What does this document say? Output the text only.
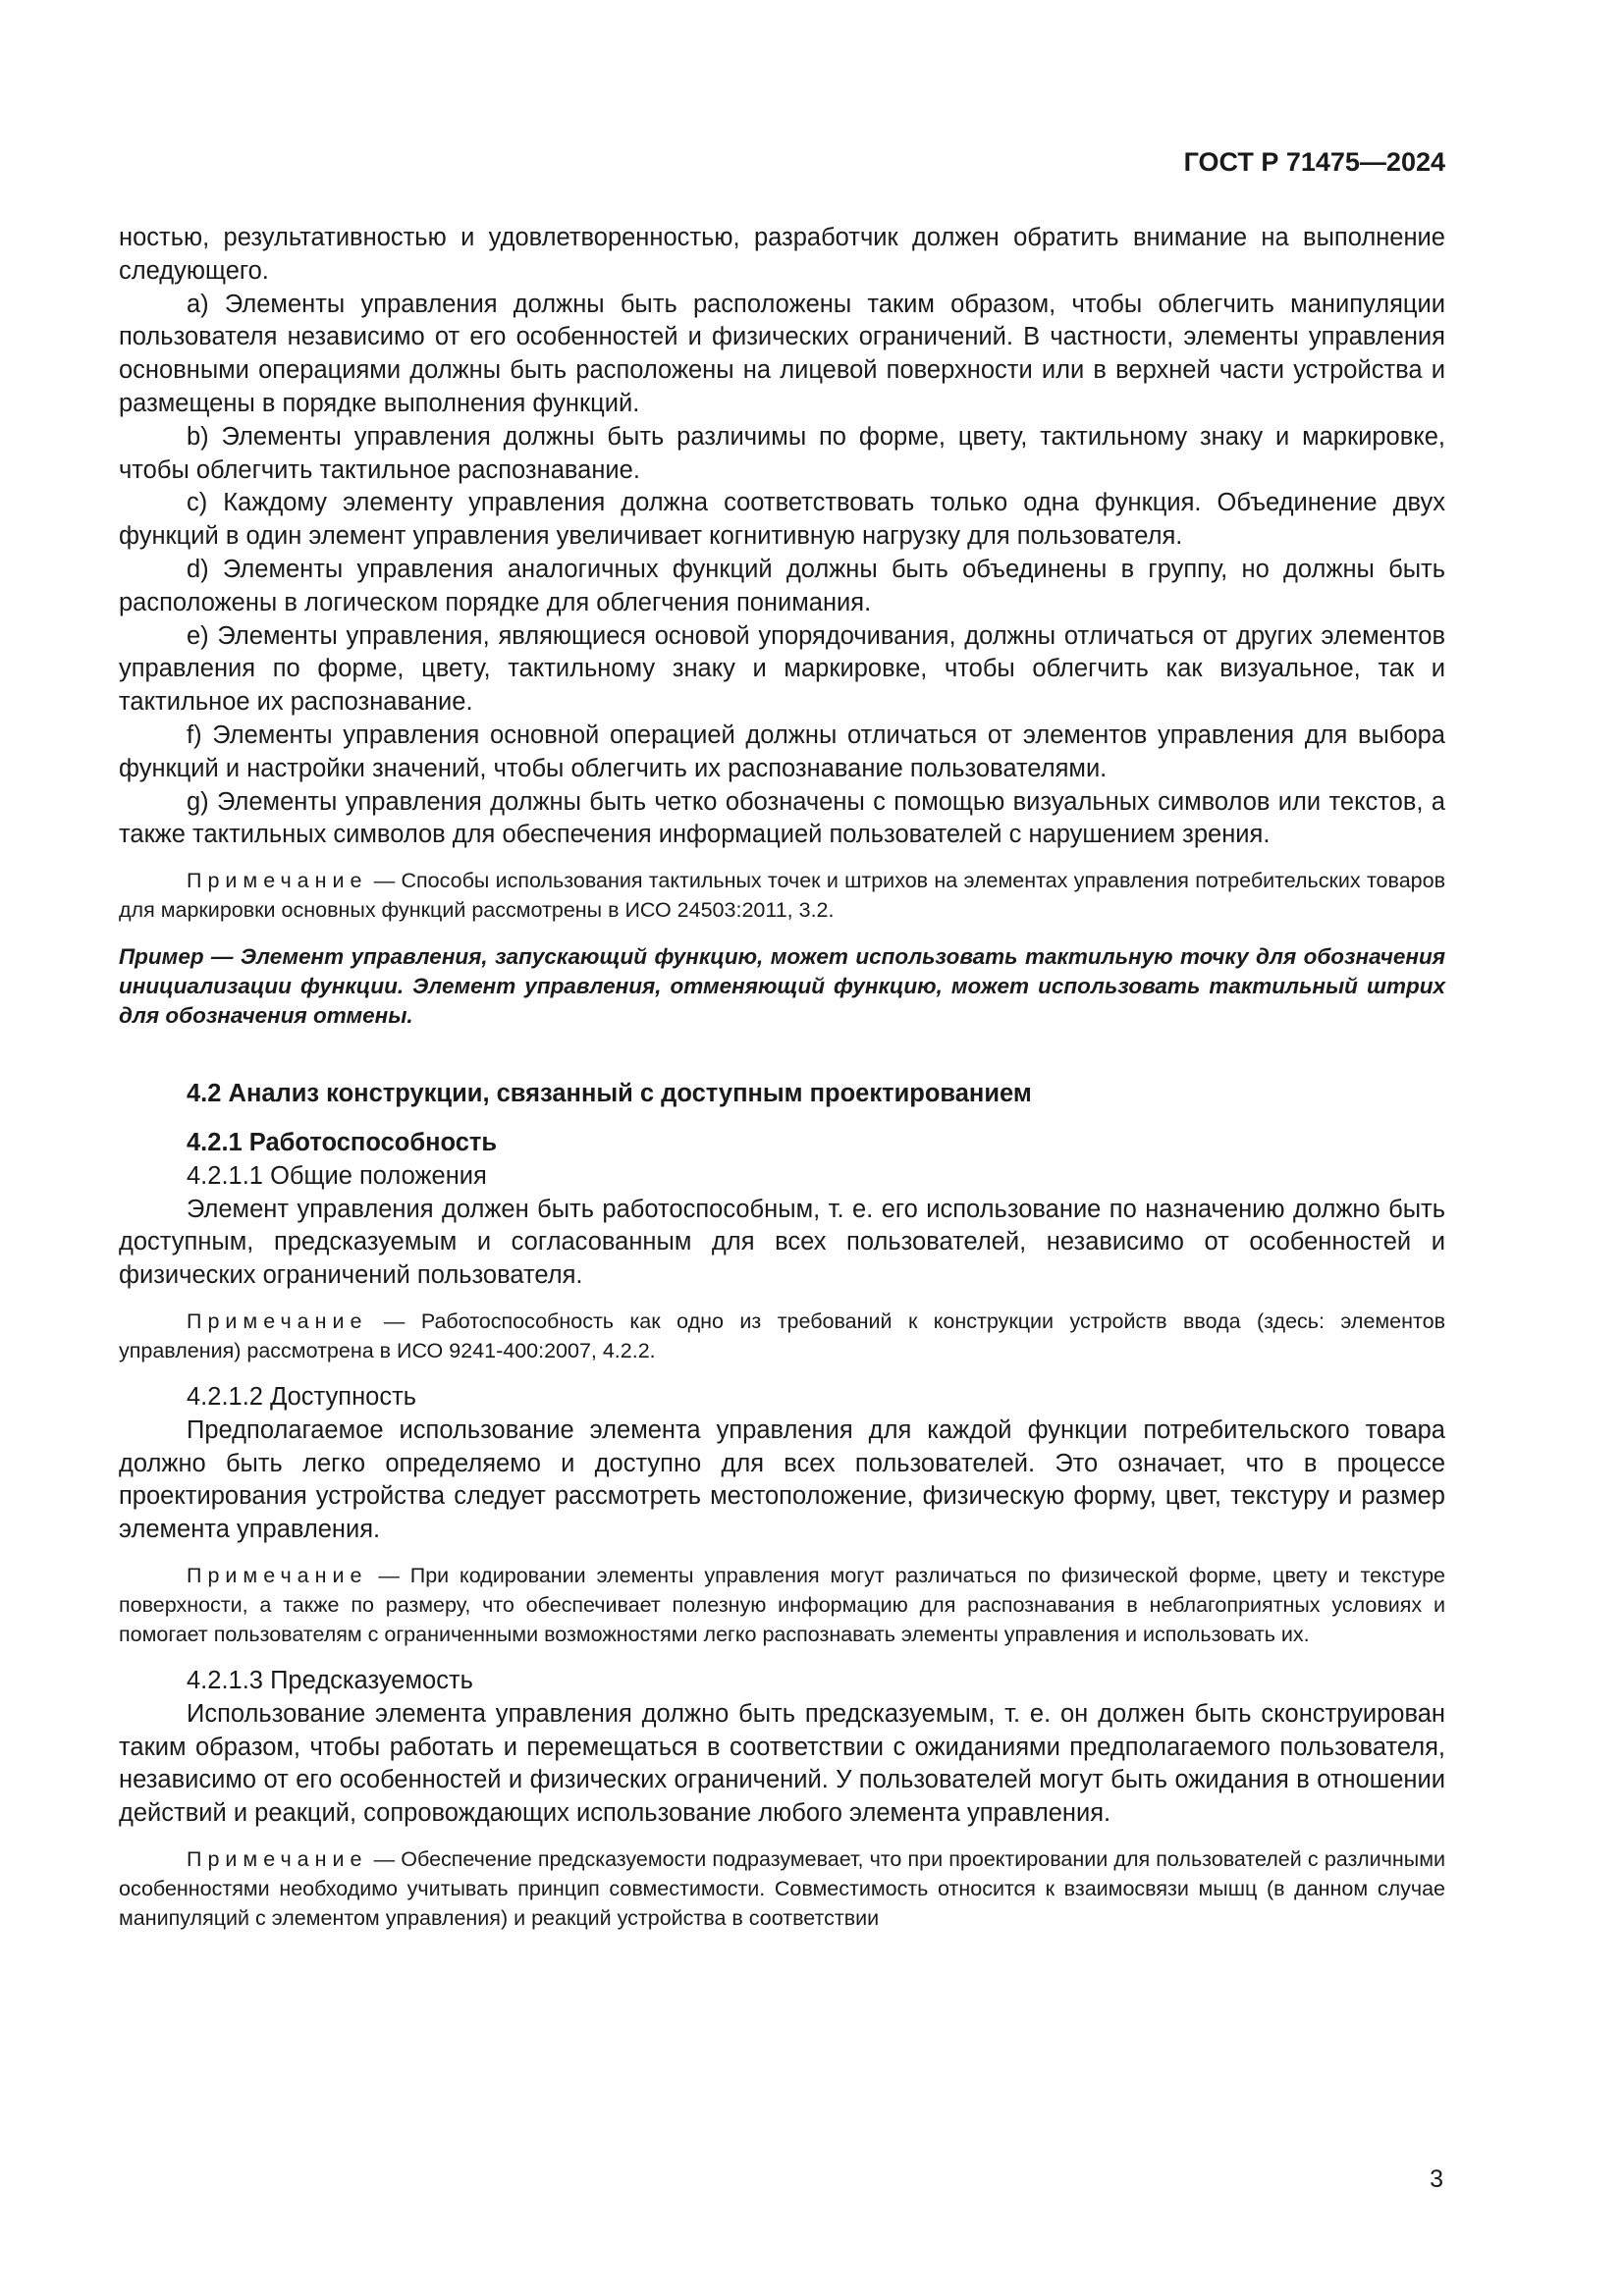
ГОСТ Р 71475—2024

ностью, результативностью и удовлетворенностью, разработчик должен обратить внимание на выполнение следующего.

a) Элементы управления должны быть расположены таким образом, чтобы облегчить манипуляции пользователя независимо от его особенностей и физических ограничений. В частности, элементы управления основными операциями должны быть расположены на лицевой поверхности или в верхней части устройства и размещены в порядке выполнения функций.

b) Элементы управления должны быть различимы по форме, цвету, тактильному знаку и маркировке, чтобы облегчить тактильное распознавание.

c) Каждому элементу управления должна соответствовать только одна функция. Объединение двух функций в один элемент управления увеличивает когнитивную нагрузку для пользователя.

d) Элементы управления аналогичных функций должны быть объединены в группу, но должны быть расположены в логическом порядке для облегчения понимания.

e) Элементы управления, являющиеся основой упорядочивания, должны отличаться от других элементов управления по форме, цвету, тактильному знаку и маркировке, чтобы облегчить как визуальное, так и тактильное их распознавание.

f) Элементы управления основной операцией должны отличаться от элементов управления для выбора функций и настройки значений, чтобы облегчить их распознавание пользователями.

g) Элементы управления должны быть четко обозначены с помощью визуальных символов или текстов, а также тактильных символов для обеспечения информацией пользователей с нарушением зрения.

Примечание — Способы использования тактильных точек и штрихов на элементах управления потребительских товаров для маркировки основных функций рассмотрены в ИСО 24503:2011, 3.2.

Пример — Элемент управления, запускающий функцию, может использовать тактильную точку для обозначения инициализации функции. Элемент управления, отменяющий функцию, может использовать тактильный штрих для обозначения отмены.

4.2 Анализ конструкции, связанный с доступным проектированием

4.2.1 Работоспособность

4.2.1.1 Общие положения

Элемент управления должен быть работоспособным, т. е. его использование по назначению должно быть доступным, предсказуемым и согласованным для всех пользователей, независимо от особенностей и физических ограничений пользователя.

Примечание — Работоспособность как одно из требований к конструкции устройств ввода (здесь: элементов управления) рассмотрена в ИСО 9241-400:2007, 4.2.2.

4.2.1.2 Доступность

Предполагаемое использование элемента управления для каждой функции потребительского товара должно быть легко определяемо и доступно для всех пользователей. Это означает, что в процессе проектирования устройства следует рассмотреть местоположение, физическую форму, цвет, текстуру и размер элемента управления.

Примечание — При кодировании элементы управления могут различаться по физической форме, цвету и текстуре поверхности, а также по размеру, что обеспечивает полезную информацию для распознавания в неблагоприятных условиях и помогает пользователям с ограниченными возможностями легко распознавать элементы управления и использовать их.

4.2.1.3 Предсказуемость

Использование элемента управления должно быть предсказуемым, т. е. он должен быть сконструирован таким образом, чтобы работать и перемещаться в соответствии с ожиданиями предполагаемого пользователя, независимо от его особенностей и физических ограничений. У пользователей могут быть ожидания в отношении действий и реакций, сопровождающих использование любого элемента управления.

Примечание — Обеспечение предсказуемости подразумевает, что при проектировании для пользователей с различными особенностями необходимо учитывать принцип совместимости. Совместимость относится к взаимосвязи мышц (в данном случае манипуляций с элементом управления) и реакций устройства в соответствии

3
